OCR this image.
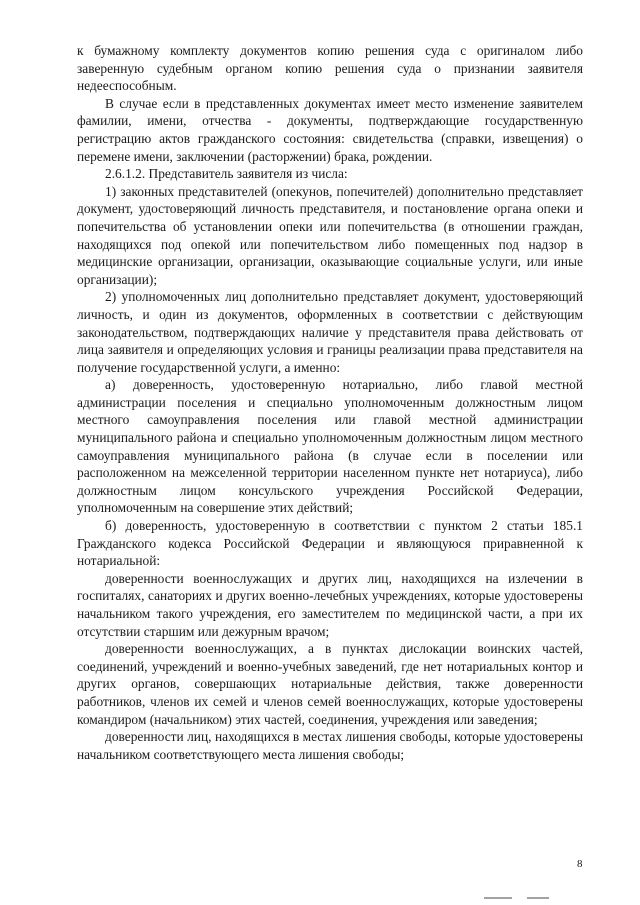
к бумажному комплекту документов копию решения суда с оригиналом либо заверенную судебным органом копию решения суда о признании заявителя недееспособным.

В случае если в представленных документах имеет место изменение заявителем фамилии, имени, отчества - документы, подтверждающие государственную регистрацию актов гражданского состояния: свидетельства (справки, извещения) о перемене имени, заключении (расторжении) брака, рождении.

2.6.1.2. Представитель заявителя из числа:

1) законных представителей (опекунов, попечителей) дополнительно представляет документ, удостоверяющий личность представителя, и постановление органа опеки и попечительства об установлении опеки или попечительства (в отношении граждан, находящихся под опекой или попечительством либо помещенных под надзор в медицинские организации, организации, оказывающие социальные услуги, или иные организации);

2) уполномоченных лиц дополнительно представляет документ, удостоверяющий личность, и один из документов, оформленных в соответствии с действующим законодательством, подтверждающих наличие у представителя права действовать от лица заявителя и определяющих условия и границы реализации права представителя на получение государственной услуги, а именно:

а) доверенность, удостоверенную нотариально, либо главой местной администрации поселения и специально уполномоченным должностным лицом местного самоуправления поселения или главой местной администрации муниципального района и специально уполномоченным должностным лицом местного самоуправления муниципального района (в случае если в поселении или расположенном на межселенной территории населенном пункте нет нотариуса), либо должностным лицом консульского учреждения Российской Федерации, уполномоченным на совершение этих действий;

б) доверенность, удостоверенную в соответствии с пунктом 2 статьи 185.1 Гражданского кодекса Российской Федерации и являющуюся приравненной к нотариальной:

доверенности военнослужащих и других лиц, находящихся на излечении в госпиталях, санаториях и других военно-лечебных учреждениях, которые удостоверены начальником такого учреждения, его заместителем по медицинской части, а при их отсутствии старшим или дежурным врачом;

доверенности военнослужащих, а в пунктах дислокации воинских частей, соединений, учреждений и военно-учебных заведений, где нет нотариальных контор и других органов, совершающих нотариальные действия, также доверенности работников, членов их семей и членов семей военнослужащих, которые удостоверены командиром (начальником) этих частей, соединения, учреждения или заведения;

доверенности лиц, находящихся в местах лишения свободы, которые удостоверены начальником соответствующего места лишения свободы;

8
